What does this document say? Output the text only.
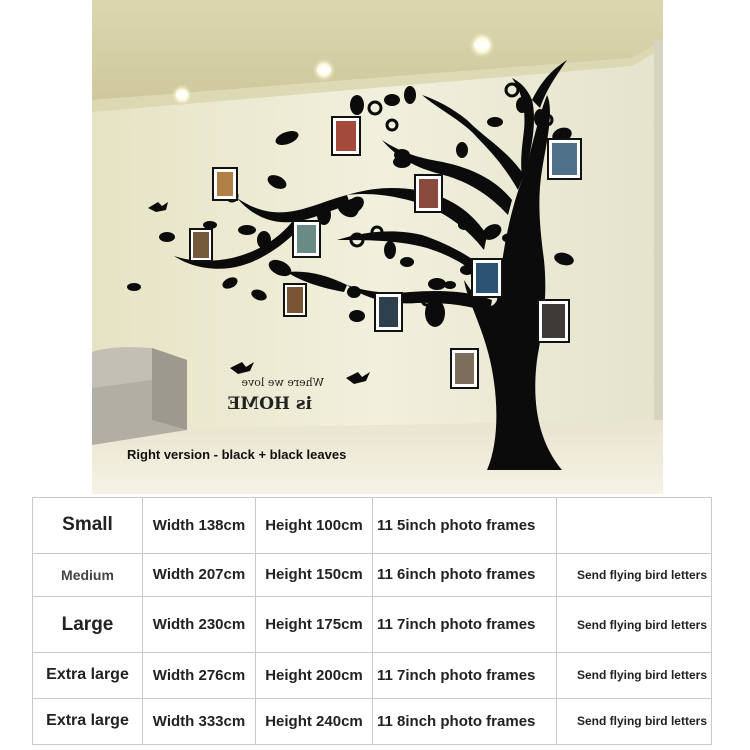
Where we love
is HOME
Right version - black + black leaves
Small	Width 138cm	Height 100cm	11 5inch photo frames	
Medium	Width 207cm	Height 150cm	11 6inch photo frames	Send flying bird letters
Large	Width 230cm	Height 175cm	11 7inch photo frames	Send flying bird letters
Extra large	Width 276cm	Height 200cm	11 7inch photo frames	Send flying bird letters
Extra large	Width 333cm	Height 240cm	11 8inch photo frames	Send flying bird letters
